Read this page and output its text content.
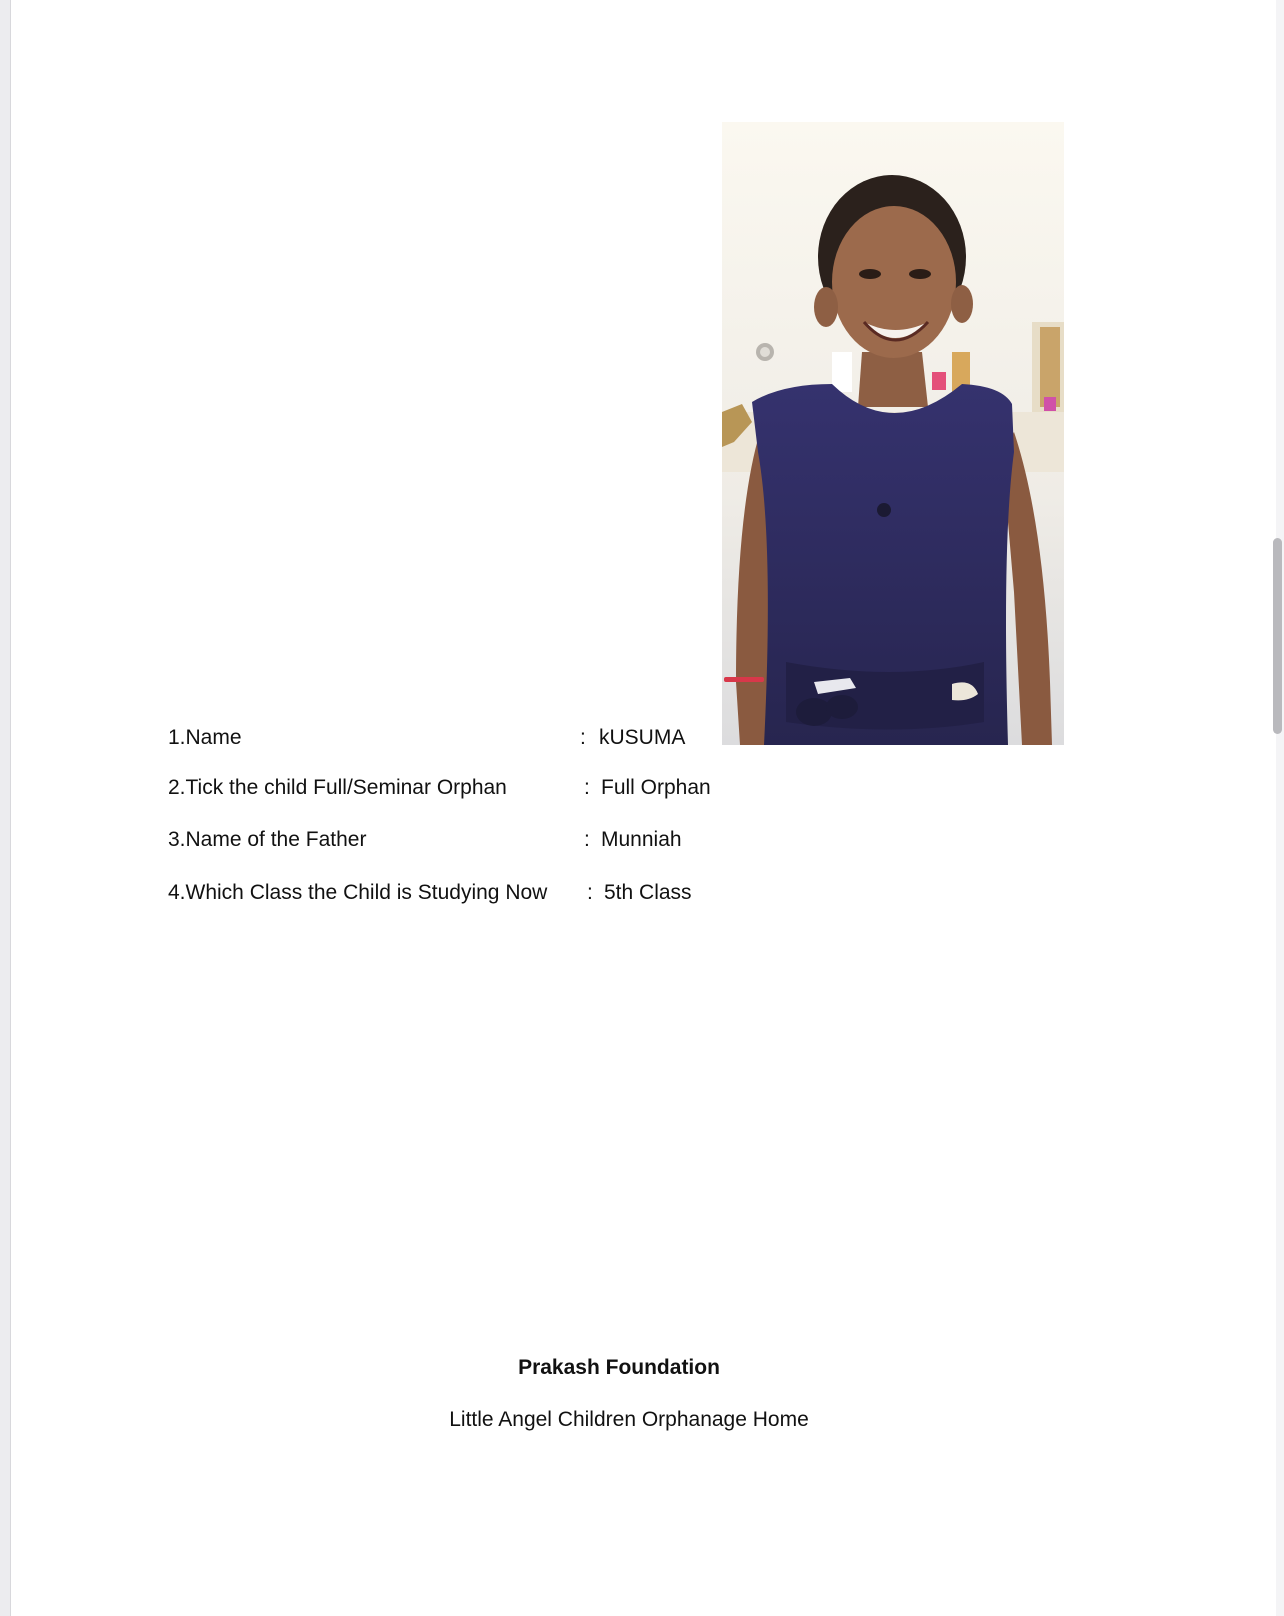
1.Name	: kUSUMA
2.Tick the child Full/Seminar Orphan	: Full Orphan
3.Name of the Father	: Munniah
4.Which Class the Child is Studying Now : 5th Class
Prakash Foundation
Little Angel Children Orphanage Home
